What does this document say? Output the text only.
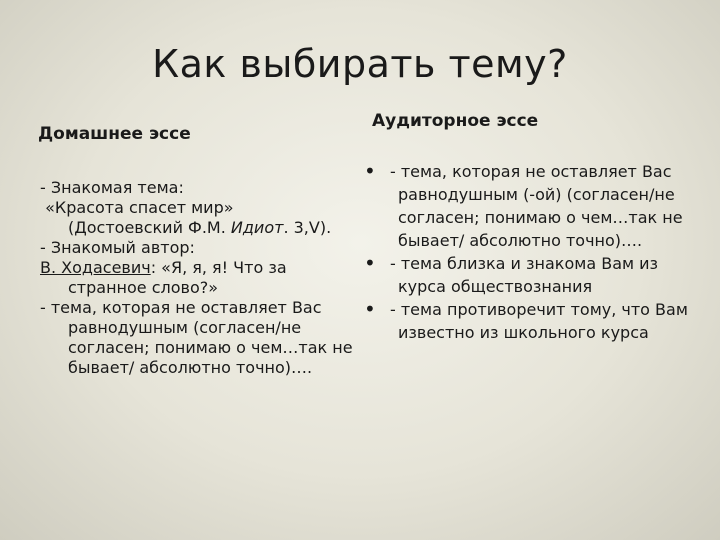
Как выбирать тему?
Домашнее эссе
Аудиторное эссе

- Знакомая тема:

«Красота спасет мир»

(Достоевский Ф.М. Идиот. 3,V).

- Знакомый автор:

В. Ходасевич: «Я, я, я! Что за странное слово?»

- тема, которая не оставляет Вас равнодушным (согласен/не согласен; понимаю о чем…так не бывает/ абсолютно точно)….

• - тема, которая не оставляет Вас равнодушным (-ой) (согласен/не согласен; понимаю о чем…так не бывает/ абсолютно точно)….
• - тема близка и знакома Вам из курса обществознания
• - тема противоречит тому, что Вам известно из школьного курса
